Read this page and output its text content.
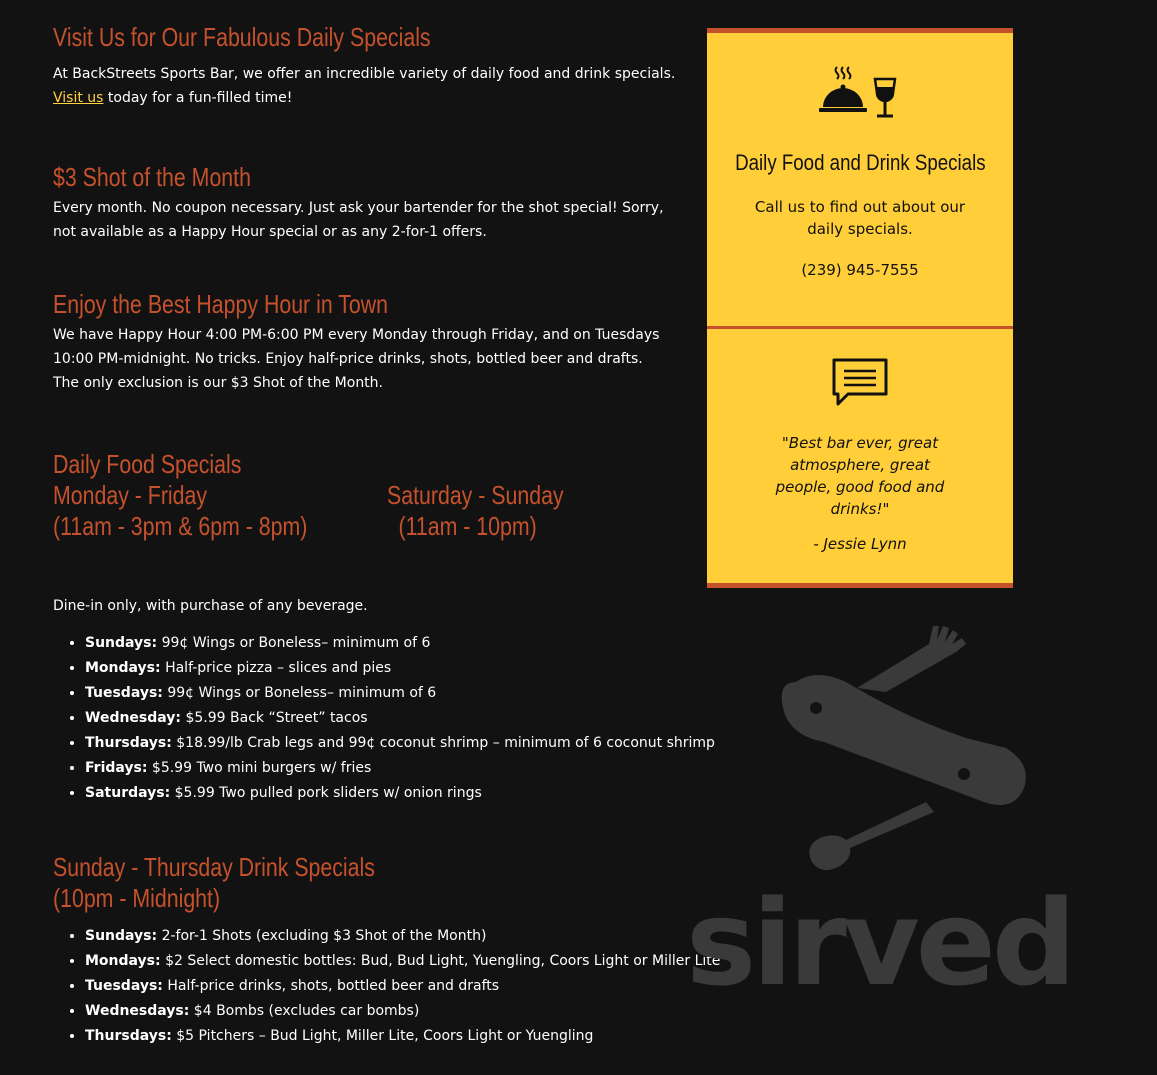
Visit Us for Our Fabulous Daily Specials

At BackStreets Sports Bar, we offer an incredible variety of daily food and drink specials.
Visit us today for a fun-filled time!

$3 Shot of the Month

Every month. No coupon necessary. Just ask your bartender for the shot special! Sorry, not available as a Happy Hour special or as any 2-for-1 offers.

Enjoy the Best Happy Hour in Town

We have Happy Hour 4:00 PM-6:00 PM every Monday through Friday, and on Tuesdays 10:00 PM-midnight. No tricks. Enjoy half-price drinks, shots, bottled beer and drafts. The only exclusion is our $3 Shot of the Month.

Daily Food Specials
Monday - Friday
(11am - 3pm & 6pm - 8pm)
Saturday - Sunday
(11am - 10pm)

Dine-in only, with purchase of any beverage.

• Sundays: 99¢ Wings or Boneless– minimum of 6
• Mondays: Half-price pizza – slices and pies
• Tuesdays: 99¢ Wings or Boneless– minimum of 6
• Wednesday: $5.99 Back “Street” tacos
• Thursdays: $18.99/lb Crab legs and 99¢ coconut shrimp – minimum of 6 coconut shrimp
• Fridays: $5.99 Two mini burgers w/ fries
• Saturdays: $5.99 Two pulled pork sliders w/ onion rings
Sunday - Thursday Drink Specials
(10pm - Midnight)
• Sundays: 2-for-1 Shots (excluding $3 Shot of the Month)
• Mondays: $2 Select domestic bottles: Bud, Bud Light, Yuengling, Coors Light or Miller Lite
• Tuesdays: Half-price drinks, shots, bottled beer and drafts
• Wednesdays: $4 Bombs (excludes car bombs)
• Thursdays: $5 Pitchers – Bud Light, Miller Lite, Coors Light or Yuengling
Daily Food and Drink Specials

Call us to find out about our daily specials.

(239) 945-7555

"Best bar ever, great atmosphere, great people, good food and drinks!"

- Jessie Lynn

sirved
